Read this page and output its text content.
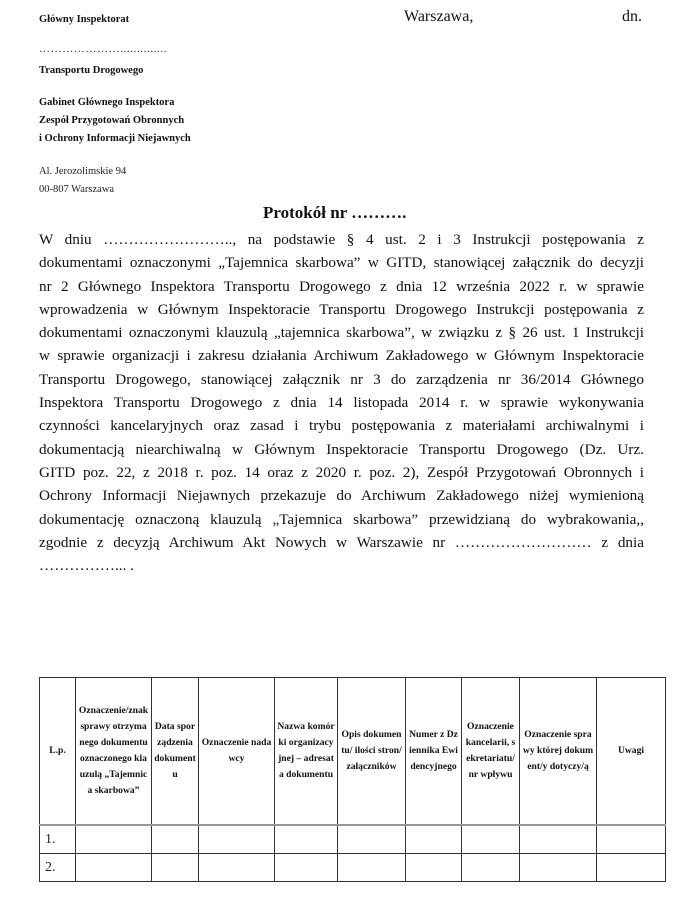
Główny Inspektorat
…………………..............
Transportu Drogowego
Gabinet Głównego Inspektora
Zespół Przygotowań Obronnych
i Ochrony Informacji Niejawnych
Al. Jerozolimskie 94
00-807 Warszawa
Warszawa,	dn.
Protokół nr ……….
W dniu …………………….., na podstawie § 4 ust. 2 i 3 Instrukcji postępowania z
dokumentami oznaczonymi „Tajemnica skarbowa” w GITD, stanowiącej załącznik do decyzji
nr 2 Głównego Inspektora Transportu Drogowego z dnia 12 września 2022 r. w sprawie
wprowadzenia w Głównym Inspektoracie Transportu Drogowego Instrukcji postępowania z
dokumentami oznaczonymi klauzulą „tajemnica skarbowa”, w związku z § 26 ust. 1 Instrukcji
w sprawie organizacji i zakresu działania Archiwum Zakładowego w Głównym Inspektoracie
Transportu Drogowego, stanowiącej załącznik nr 3 do zarządzenia nr 36/2014 Głównego
Inspektora Transportu Drogowego z dnia 14 listopada 2014 r. w sprawie wykonywania
czynności kancelaryjnych oraz zasad i trybu postępowania z materiałami archiwalnymi i
dokumentacją niearchiwalną w Głównym Inspektoracie Transportu Drogowego (Dz. Urz.
GITD poz. 22, z 2018 r. poz. 14 oraz z 2020 r. poz. 2), Zespół Przygotowań Obronnych i
Ochrony Informacji Niejawnych przekazuje do Archiwum Zakładowego niżej wymienioną
dokumentację oznaczoną klauzulą „Tajemnica skarbowa” przewidzianą do wybrakowania,,
zgodnie z decyzją Archiwum Akt Nowych w Warszawie nr ……………………… z dnia
……………... .
L.p.	Oznaczenie/znak sprawy otrzymanego dokumentu oznaczonego klauzulą „Tajemnica skarbowa”	Data sporządzenia dokumentu	Oznaczenie nadawcy	Nazwa komórki organizacyjnej – adresata dokumentu	Opis dokumentu/ ilości stron/ załączników	Numer z Dziennika Ewidencyjnego	Oznaczenie kancelarii, sekretariatu/ nr wpływu	Oznaczenie sprawy której dokument/y dotyczy/ą	Uwagi
1.									
2.									
